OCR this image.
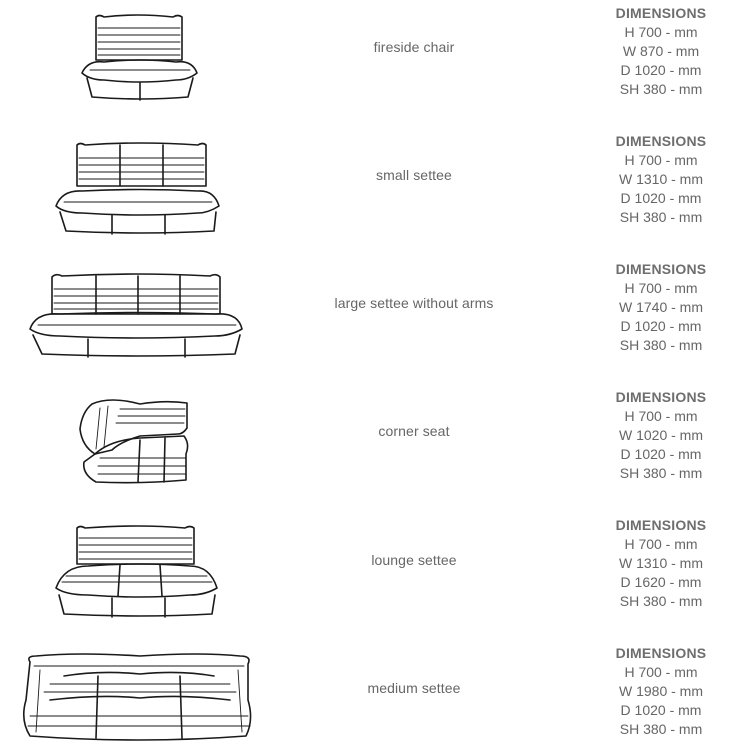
fireside chair
DIMENSIONS
H 700 - mm
W 870 - mm
D 1020 - mm
SH 380 - mm
small settee
DIMENSIONS
H 700 - mm
W 1310 - mm
D 1020 - mm
SH 380 - mm
large settee without arms
DIMENSIONS
H 700 - mm
W 1740 - mm
D 1020 - mm
SH 380 - mm
corner seat
DIMENSIONS
H 700 - mm
W 1020 - mm
D 1020 - mm
SH 380 - mm
lounge settee
DIMENSIONS
H 700 - mm
W 1310 - mm
D 1620 - mm
SH 380 - mm
medium settee
DIMENSIONS
H 700 - mm
W 1980 - mm
D 1020 - mm
SH 380 - mm
